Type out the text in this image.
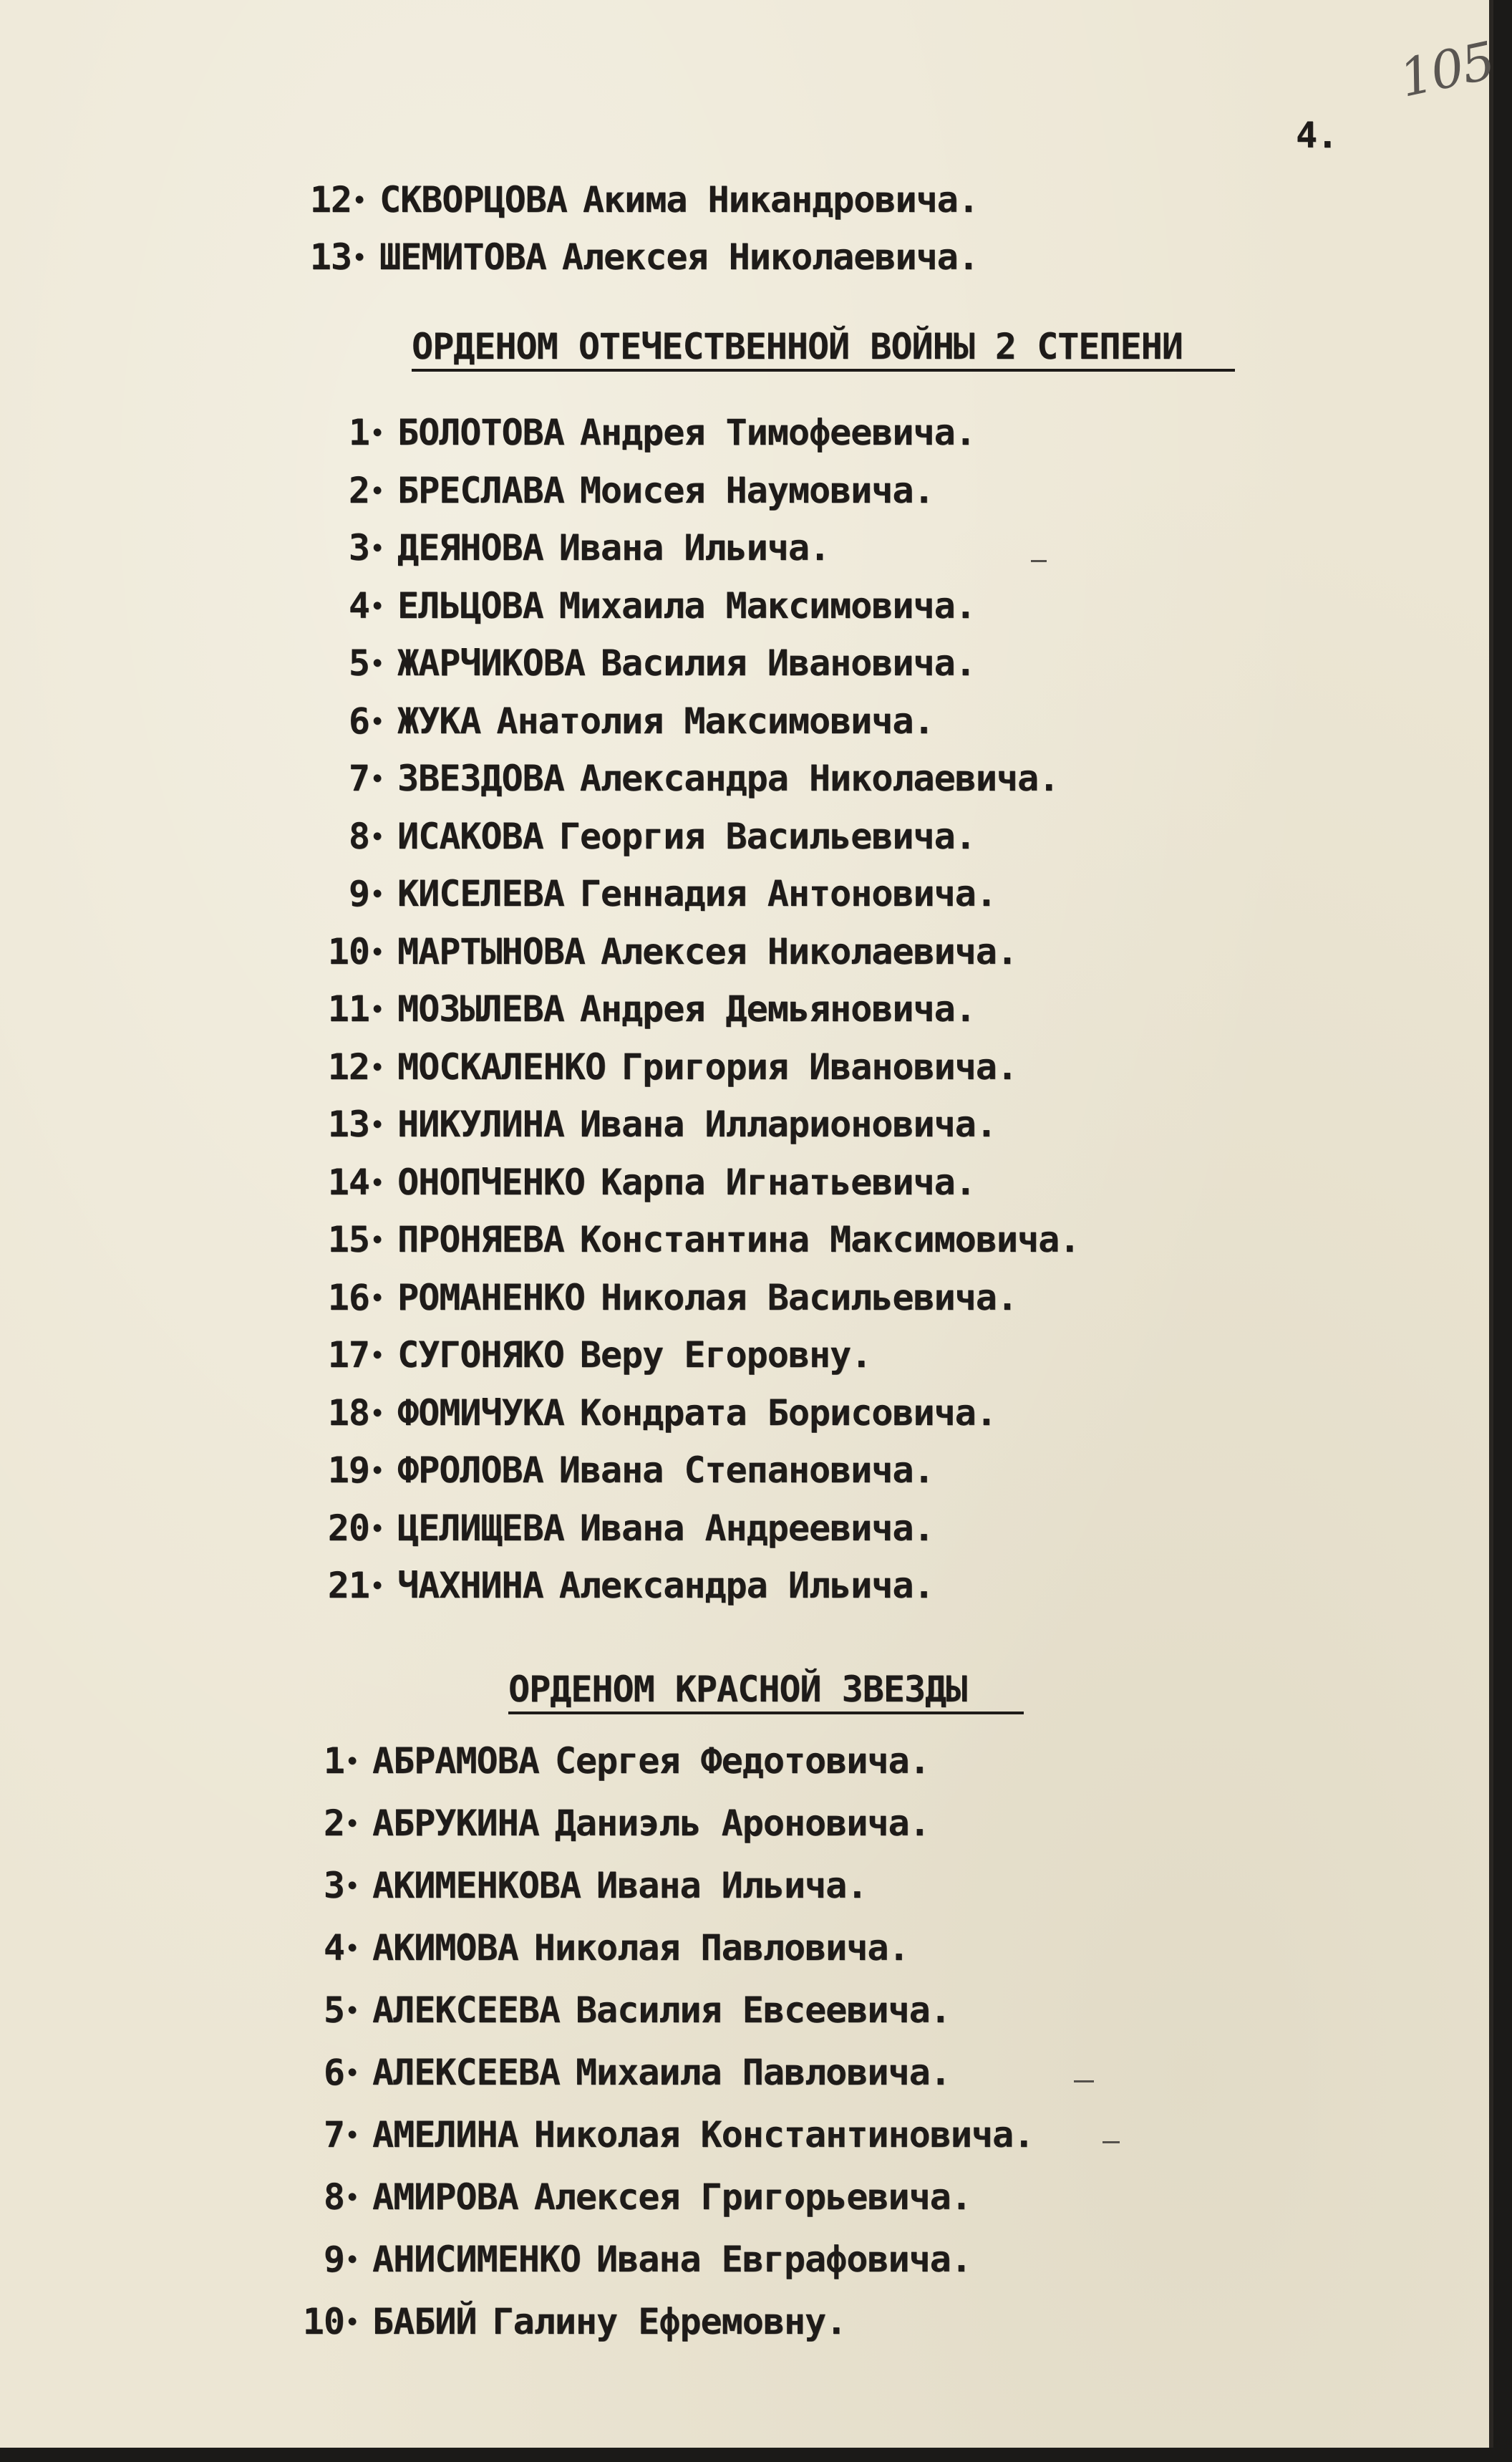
105
4.
12 • СКВОРЦОВА Акима Никандровича.
13 • ШЕМИТОВА Алексея Николаевича.
ОРДЕНОМ ОТЕЧЕСТВЕННОЙ ВОЙНЫ 2 СТЕПЕНИ
1 • БОЛОТОВА Андрея Тимофеевича.
2 • БРЕСЛАВА Моисея Наумовича.
3 • ДЕЯНОВА Ивана Ильича.
4 • ЕЛЬЦОВА Михаила Максимовича.
5 • ЖАРЧИКОВА Василия Ивановича.
6 • ЖУКА Анатолия Максимовича.
7 • ЗВЕЗДОВА Александра Николаевича.
8 • ИСАКОВА Георгия Васильевича.
9 • КИСЕЛЕВА Геннадия Антоновича.
10 • МАРТЫНОВА Алексея Николаевича.
11 • МОЗЫЛЕВА Андрея Демьяновича.
12 • МОСКАЛЕНКО Григория Ивановича.
13 • НИКУЛИНА Ивана Илларионовича.
14 • ОНОПЧЕНКО Карпа Игнатьевича.
15 • ПРОНЯЕВА Константина Максимовича.
16 • РОМАНЕНКО Николая Васильевича.
17 • СУГОНЯКО Веру Егоровну.
18 • ФОМИЧУКА Кондрата Борисовича.
19 • ФРОЛОВА Ивана Степановича.
20 • ЦЕЛИЩЕВА Ивана Андреевича.
21 • ЧАХНИНА Александра Ильича.
ОРДЕНОМ КРАСНОЙ ЗВЕЗДЫ
1 • АБРАМОВА Сергея Федотовича.
2 • АБРУКИНА Даниэль Ароновича.
3 • АКИМЕНКОВА Ивана Ильича.
4 • АКИМОВА Николая Павловича.
5 • АЛЕКСЕЕВА Василия Евсеевича.
6 • АЛЕКСЕЕВА Михаила Павловича.
7 • АМЕЛИНА Николая Константиновича.
8 • АМИРОВА Алексея Григорьевича.
9 • АНИСИМЕНКО Ивана Евграфовича.
10 • БАБИЙ Галину Ефремовну.
